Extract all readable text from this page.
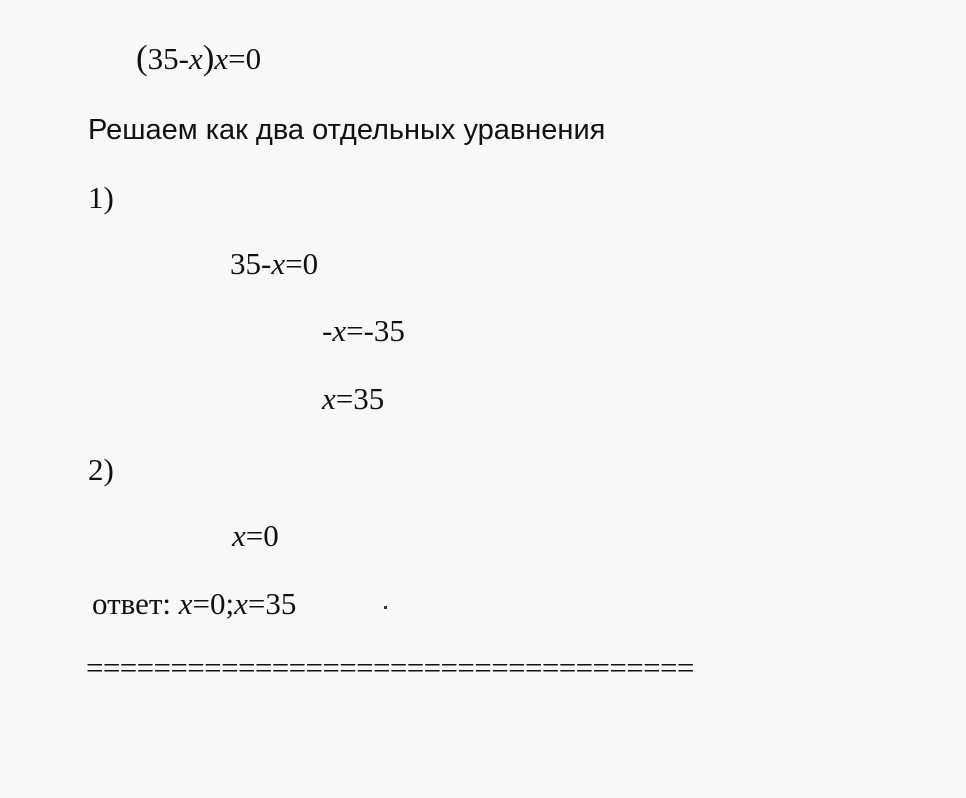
(35-x)x=0
Решаем как два отдельных уравнения
1)
35-x=0
-x=-35
x=35
2)
x=0
ответ: x=0;x=35
====================================
